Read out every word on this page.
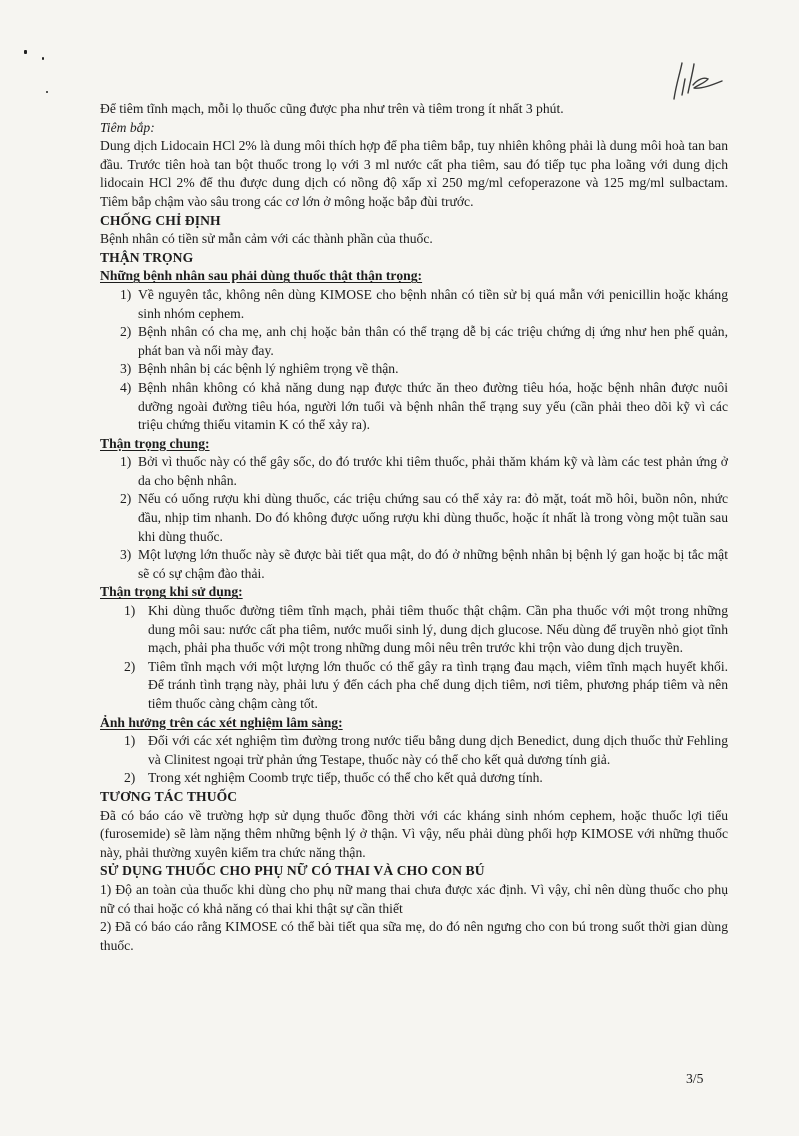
Để tiêm tĩnh mạch, mỗi lọ thuốc cũng được pha như trên và tiêm trong ít nhất 3 phút.

Tiêm bắp:

Dung dịch Lidocain HCl 2% là dung môi thích hợp để pha tiêm bắp, tuy nhiên không phải là dung môi hoà tan ban đầu. Trước tiên hoà tan bột thuốc trong lọ với 3 ml nước cất pha tiêm, sau đó tiếp tục pha loãng với dung dịch lidocain HCl 2% để thu được dung dịch có nồng độ xấp xỉ 250 mg/ml cefoperazone và 125 mg/ml sulbactam. Tiêm bắp chậm vào sâu trong các cơ lớn ở mông hoặc bắp đùi trước.

CHỐNG CHỈ ĐỊNH

Bệnh nhân có tiền sử mẫn cảm với các thành phần của thuốc.

THẬN TRỌNG

Những bệnh nhân sau phải dùng thuốc thật thận trọng:

1) Về nguyên tắc, không nên dùng KIMOSE cho bệnh nhân có tiền sử bị quá mẫn với penicillin hoặc kháng sinh nhóm cephem.
2) Bệnh nhân có cha mẹ, anh chị hoặc bản thân có thể trạng dễ bị các triệu chứng dị ứng như hen phế quản, phát ban và nổi mày đay.
3) Bệnh nhân bị các bệnh lý nghiêm trọng về thận.
4) Bệnh nhân không có khả năng dung nạp được thức ăn theo đường tiêu hóa, hoặc bệnh nhân được nuôi dưỡng ngoài đường tiêu hóa, người lớn tuổi và bệnh nhân thể trạng suy yếu (cần phải theo dõi kỹ vì các triệu chứng thiếu vitamin K có thể xảy ra).

Thận trọng chung:

1) Bởi vì thuốc này có thể gây sốc, do đó trước khi tiêm thuốc, phải thăm khám kỹ và làm các test phản ứng ở da cho bệnh nhân.
2) Nếu có uống rượu khi dùng thuốc, các triệu chứng sau có thể xảy ra: đỏ mặt, toát mồ hôi, buồn nôn, nhức đầu, nhịp tim nhanh. Do đó không được uống rượu khi dùng thuốc, hoặc ít nhất là trong vòng một tuần sau khi dùng thuốc.
3) Một lượng lớn thuốc này sẽ được bài tiết qua mật, do đó ở những bệnh nhân bị bệnh lý gan hoặc bị tắc mật sẽ có sự chậm đào thải.

Thận trọng khi sử dụng:

1) Khi dùng thuốc đường tiêm tĩnh mạch, phải tiêm thuốc thật chậm. Cần pha thuốc với một trong những dung môi sau: nước cất pha tiêm, nước muối sinh lý, dung dịch glucose. Nếu dùng để truyền nhỏ giọt tĩnh mạch, phải pha thuốc với một trong những dung môi nêu trên trước khi trộn vào dung dịch truyền.
2) Tiêm tĩnh mạch với một lượng lớn thuốc có thể gây ra tình trạng đau mạch, viêm tĩnh mạch huyết khối. Để tránh tình trạng này, phải lưu ý đến cách pha chế dung dịch tiêm, nơi tiêm, phương pháp tiêm và nên tiêm thuốc càng chậm càng tốt.

Ảnh hưởng trên các xét nghiệm lâm sàng:

1) Đối với các xét nghiệm tìm đường trong nước tiểu bằng dung dịch Benedict, dung dịch thuốc thử Fehling và Clinitest ngoại trừ phản ứng Testape, thuốc này có thể cho kết quả dương tính giả.
2) Trong xét nghiệm Coomb trực tiếp, thuốc có thể cho kết quả dương tính.

TƯƠNG TÁC THUỐC

Đã có báo cáo về trường hợp sử dụng thuốc đồng thời với các kháng sinh nhóm cephem, hoặc thuốc lợi tiểu (furosemide) sẽ làm nặng thêm những bệnh lý ở thận. Vì vậy, nếu phải dùng phối hợp KIMOSE với những thuốc này, phải thường xuyên kiểm tra chức năng thận.

SỬ DỤNG THUỐC CHO PHỤ NỮ CÓ THAI VÀ CHO CON BÚ

1) Độ an toàn của thuốc khi dùng cho phụ nữ mang thai chưa được xác định. Vì vậy, chỉ nên dùng thuốc cho phụ nữ có thai hoặc có khả năng có thai khi thật sự cần thiết

2) Đã có báo cáo rằng KIMOSE có thể bài tiết qua sữa mẹ, do đó nên ngưng cho con bú trong suốt thời gian dùng thuốc.

3/5
